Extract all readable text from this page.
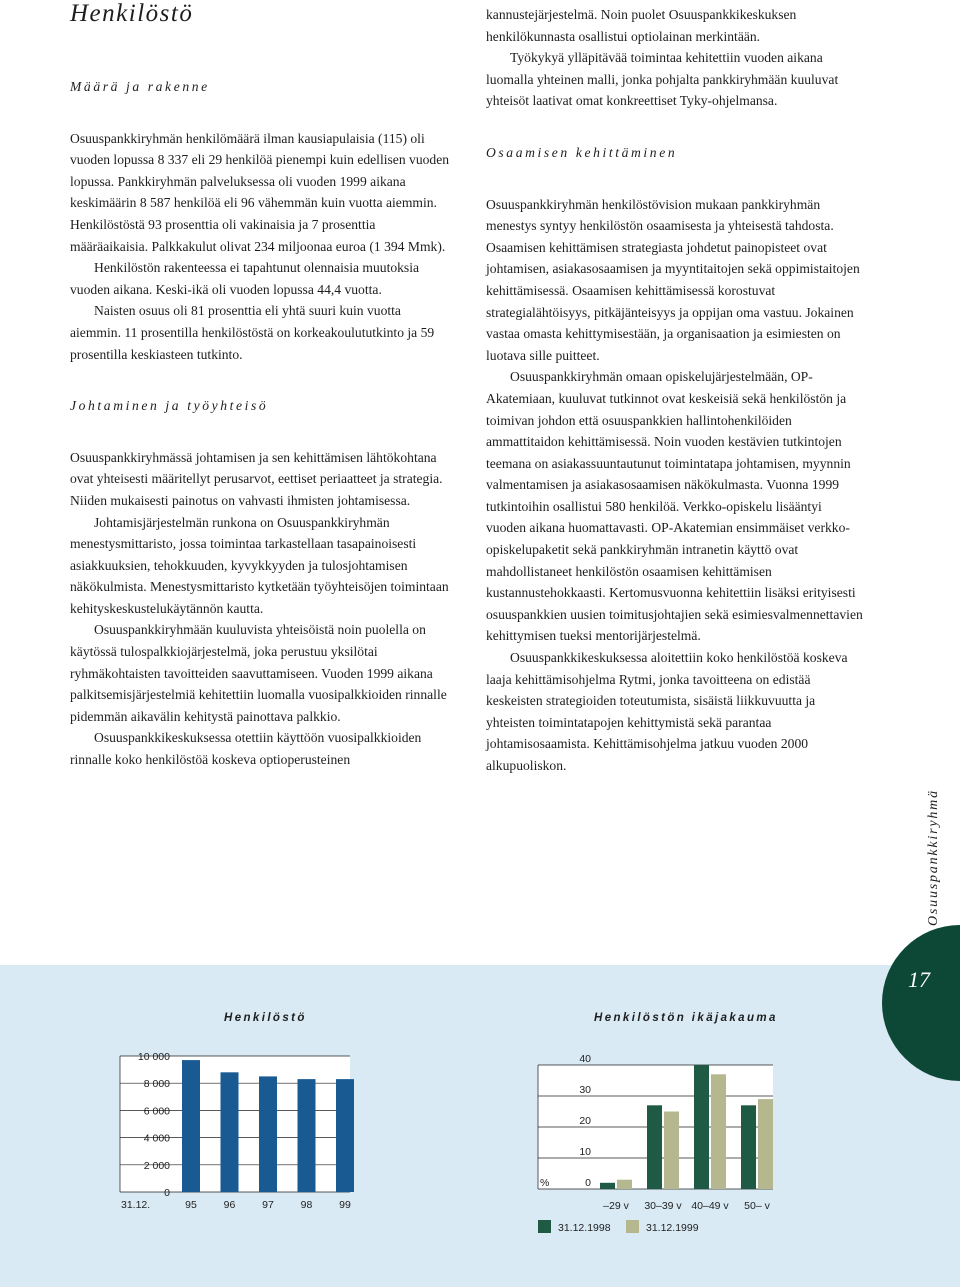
Henkilöstö

Määrä ja rakenne

Osuuspankkiryhmän henkilömäärä ilman kausiapulaisia (115) oli vuoden lopussa 8 337 eli 29 henkilöä pienempi kuin edellisen vuoden lopussa. Pankkiryhmän palveluksessa oli vuoden 1999 aikana keskimäärin 8 587 henkilöä eli 96 vähemmän kuin vuotta aiemmin. Henkilöstöstä 93 prosenttia oli vakinaisia ja 7 prosenttia määräaikaisia. Palkkakulut olivat 234 miljoonaa euroa (1 394 Mmk).

Henkilöstön rakenteessa ei tapahtunut olennaisia muutoksia vuoden aikana. Keski-ikä oli vuoden lopussa 44,4 vuotta.

Naisten osuus oli 81 prosenttia eli yhtä suuri kuin vuotta aiemmin. 11 prosentilla henkilöstöstä on korkeakoulututkinto ja 59 prosentilla keskiasteen tutkinto.

Johtaminen ja työyhteisö

Osuuspankkiryhmässä johtamisen ja sen kehittämisen lähtökohtana ovat yhteisesti määritellyt perusarvot, eettiset periaatteet ja strategia. Niiden mukaisesti painotus on vahvasti ihmisten johtamisessa.

Johtamisjärjestelmän runkona on Osuuspankkiryhmän menestysmittaristo, jossa toimintaa tarkastellaan tasapainoisesti asiakkuuksien, tehokkuuden, kyvykkyyden ja tulosjohtamisen näkökulmista. Menestysmittaristo kytketään työyhteisöjen toimintaan kehityskeskustelukäytännön kautta.

Osuuspankkiryhmään kuuluvista yhteisöistä noin puolella on käytössä tulospalkkiojärjestelmä, joka perustuu yksilötai ryhmäkohtaisten tavoitteiden saavuttamiseen. Vuoden 1999 aikana palkitsemisjärjestelmiä kehitettiin luomalla vuosipalkkioiden rinnalle pidemmän aikavälin kehitystä painottava palkkio.

Osuuspankkikeskuksessa otettiin käyttöön vuosipalkkioiden rinnalle koko henkilöstöä koskeva optioperusteinen

kannustejärjestelmä. Noin puolet Osuuspankkikeskuksen henkilökunnasta osallistui optiolainan merkintään.

Työkykyä ylläpitävää toimintaa kehitettiin vuoden aikana luomalla yhteinen malli, jonka pohjalta pankkiryhmään kuuluvat yhteisöt laativat omat konkreettiset Tyky-ohjelmansa.

Osaamisen kehittäminen

Osuuspankkiryhmän henkilöstövision mukaan pankkiryhmän menestys syntyy henkilöstön osaamisesta ja yhteisestä tahdosta. Osaamisen kehittämisen strategiasta johdetut painopisteet ovat johtamisen, asiakasosaamisen ja myyntitaitojen sekä oppimistaitojen kehittämisessä. Osaamisen kehittämisessä korostuvat strategialähtöisyys, pitkäjänteisyys ja oppijan oma vastuu. Jokainen vastaa omasta kehittymisestään, ja organisaation ja esimiesten on luotava sille puitteet.

Osuuspankkiryhmän omaan opiskelujärjestelmään, OP-Akatemiaan, kuuluvat tutkinnot ovat keskeisiä sekä henkilöstön ja toimivan johdon että osuuspankkien hallintohenkilöiden ammattitaidon kehittämisessä. Noin vuoden kestävien tutkintojen teemana on asiakassuuntautunut toimintatapa johtamisen, myynnin valmentamisen ja asiakasosaamisen näkökulmasta. Vuonna 1999 tutkintoihin osallistui 580 henkilöä. Verkko-opiskelu lisääntyi vuoden aikana huomattavasti. OP-Akatemian ensimmäiset verkko-opiskelupaketit sekä pankkiryhmän intranetin käyttö ovat mahdollistaneet henkilöstön osaamisen kehittämisen kustannustehokkaasti. Kertomusvuonna kehitettiin lisäksi erityisesti osuuspankkien uusien toimitusjohtajien sekä esimiesvalmennettavien kehittymisen tueksi mentorijärjestelmä.

Osuuspankkikeskuksessa aloitettiin koko henkilöstöä koskeva laaja kehittämisohjelma Rytmi, jonka tavoitteena on edistää keskeisten strategioiden toteutumista, sisäistä liikkuvuutta ja yhteisten toimintatapojen kehittymistä sekä parantaa johtamisosaamista. Kehittämisohjelma jatkuu vuoden 2000 alkupuoliskon.

Osuuspankkiryhmä
17
Henkilöstö	Henkilöstön ikäjakauma
10 000
8 000
6 000
4 000
2 000
0
95	96	97	98	99
31.12.
40
30
20
10
0
%
–29 v 30–39 v 40–49 v 50– v
31.12.1998	31.12.1999
